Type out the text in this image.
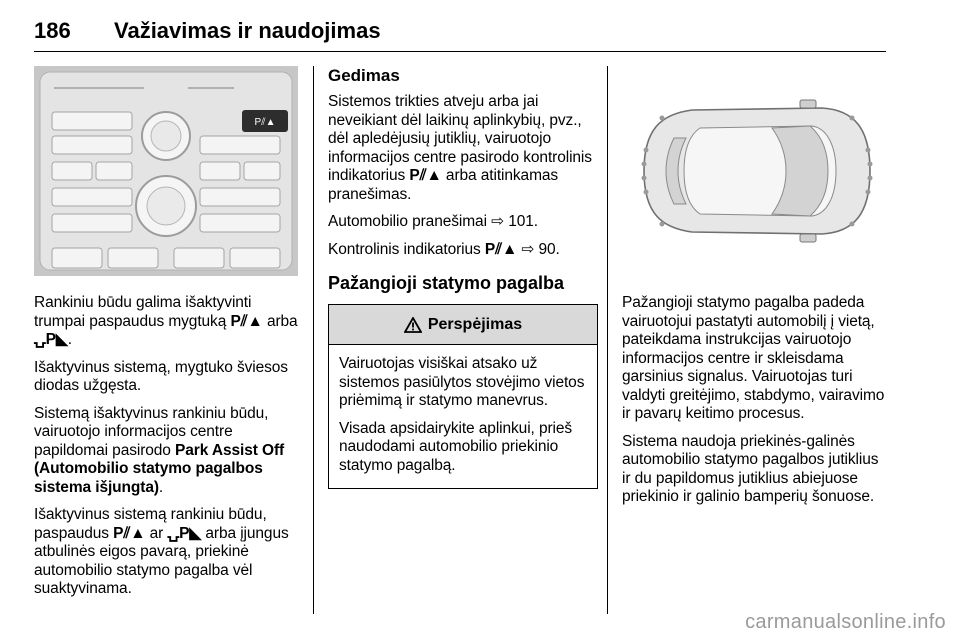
186 Važiavimas ir naudojimas
P⫽▲

Rankiniu būdu galima išaktyvinti trumpai paspaudus mygtuką P⫽▲ arba ⍽P◣.

Išaktyvinus sistemą, mygtuko šviesos diodas užgęsta.

Sistemą išaktyvinus rankiniu būdu, vairuotojo informacijos centre papildomai pasirodo Park Assist Off (Automobilio statymo pagalbos sistema išjungta).

Išaktyvinus sistemą rankiniu būdu, paspaudus P⫽▲ ar ⍽P◣ arba įjungus atbulinės eigos pavarą, priekinė automobilio statymo pagalba vėl suaktyvinama.

Gedimas

Sistemos trikties atveju arba jai neveikiant dėl laikinų aplinkybių, pvz., dėl apledėjusių jutiklių, vairuotojo informacijos centre pasirodo kontrolinis indikatorius P⫽▲ arba atitinkamas pranešimas.

Automobilio pranešimai ⇨ 101.

Kontrolinis indikatorius P⫽▲ ⇨ 90.

Pažangioji statymo pagalba
Perspėjimas

Vairuotojas visiškai atsako už sistemos pasiūlytos stovėjimo vietos priėmimą ir statymo manevrus.

Visada apsidairykite aplinkui, prieš naudodami automobilio priekinio statymo pagalbą.

Pažangioji statymo pagalba padeda vairuotojui pastatyti automobilį į vietą, pateikdama instrukcijas vairuotojo informacijos centre ir skleisdama garsinius signalus. Vairuotojas turi valdyti greitėjimo, stabdymo, vairavimo ir pavarų keitimo procesus.

Sistema naudoja priekinės-galinės automobilio statymo pagalbos jutiklius ir du papildomus jutiklius abiejuose priekinio ir galinio bamperių šonuose.

carmanualsonline.info
